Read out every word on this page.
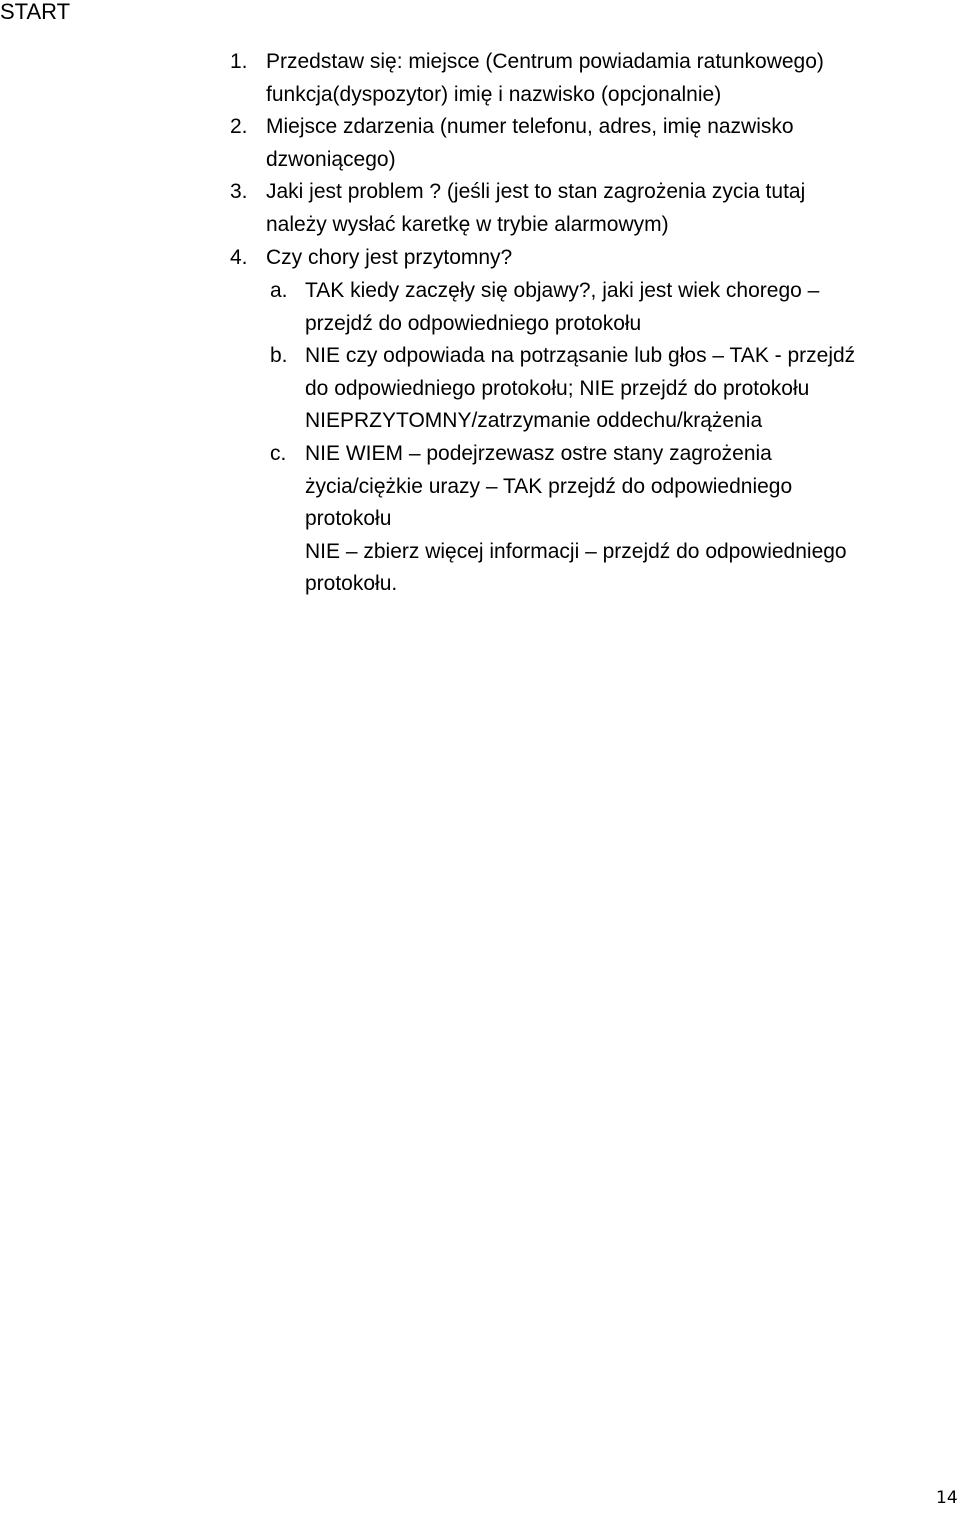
START
1. Przedstaw się: miejsce (Centrum powiadamia ratunkowego)
funkcja(dyspozytor) imię i nazwisko (opcjonalnie)
2. Miejsce zdarzenia (numer telefonu, adres, imię nazwisko
dzwoniącego)
3. Jaki jest problem ? (jeśli jest to stan zagrożenia zycia tutaj
należy wysłać karetkę w trybie alarmowym)
4. Czy chory jest przytomny?
a. TAK kiedy zaczęły się objawy?, jaki jest wiek chorego –
przejdź do odpowiedniego protokołu
b. NIE czy odpowiada na potrząsanie lub głos – TAK - przejdź
do odpowiedniego protokołu; NIE przejdź do protokołu
NIEPRZYTOMNY/zatrzymanie oddechu/krążenia
c. NIE WIEM – podejrzewasz ostre stany zagrożenia
życia/ciężkie urazy – TAK przejdź do odpowiedniego
protokołu
NIE – zbierz więcej informacji – przejdź do odpowiedniego
protokołu.
14
